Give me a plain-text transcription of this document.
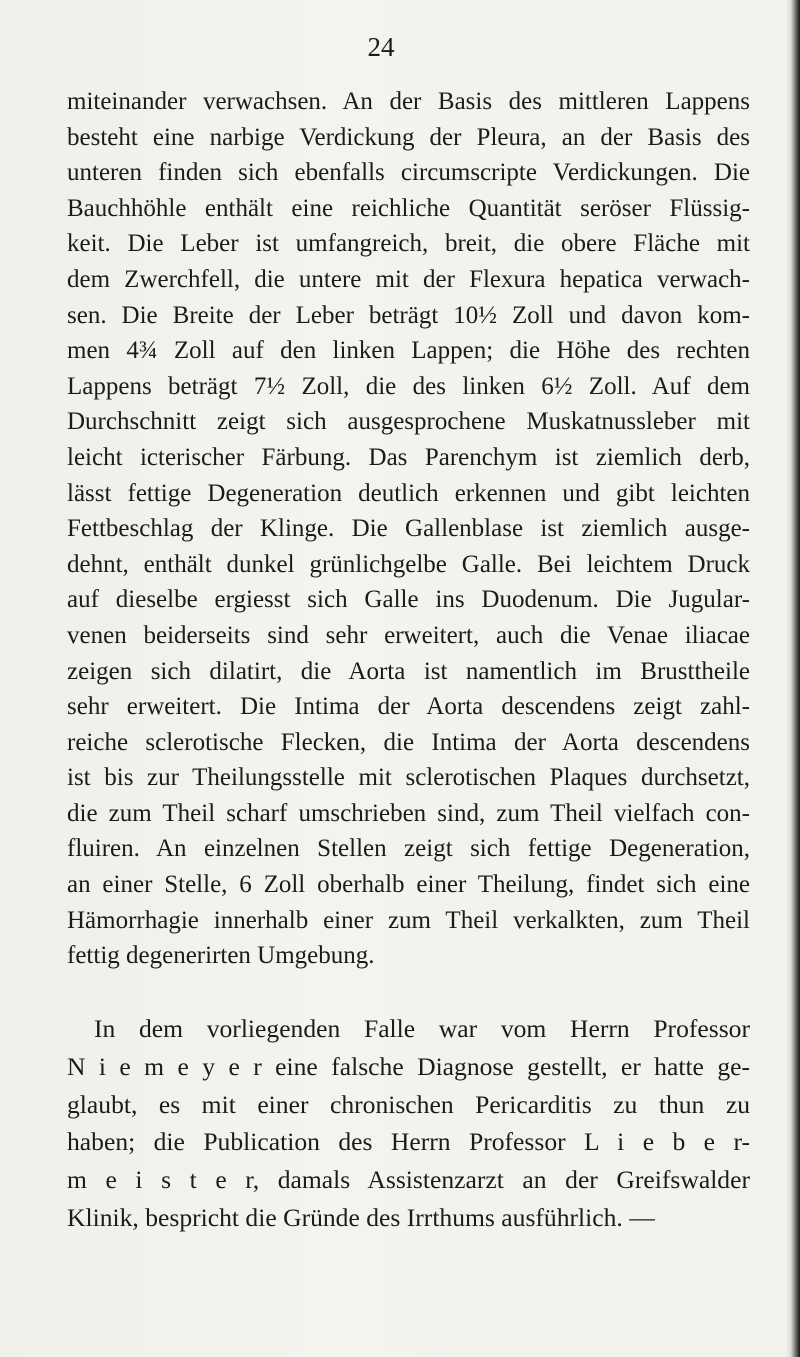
24
miteinander verwachsen. An der Basis des mittleren Lappens
besteht eine narbige Verdickung der Pleura, an der Basis des
unteren finden sich ebenfalls circumscripte Verdickungen. Die
Bauchhöhle enthält eine reichliche Quantität seröser Flüssig-
keit. Die Leber ist umfangreich, breit, die obere Fläche mit
dem Zwerchfell, die untere mit der Flexura hepatica verwach-
sen. Die Breite der Leber beträgt 10½ Zoll und davon kom-
men 4¾ Zoll auf den linken Lappen; die Höhe des rechten
Lappens beträgt 7½ Zoll, die des linken 6½ Zoll. Auf dem
Durchschnitt zeigt sich ausgesprochene Muskatnussleber mit
leicht icterischer Färbung. Das Parenchym ist ziemlich derb,
lässt fettige Degeneration deutlich erkennen und gibt leichten
Fettbeschlag der Klinge. Die Gallenblase ist ziemlich ausge-
dehnt, enthält dunkel grünlichgelbe Galle. Bei leichtem Druck
auf dieselbe ergiesst sich Galle ins Duodenum. Die Jugular-
venen beiderseits sind sehr erweitert, auch die Venae iliacae
zeigen sich dilatirt, die Aorta ist namentlich im Brusttheile
sehr erweitert. Die Intima der Aorta descendens zeigt zahl-
reiche sclerotische Flecken, die Intima der Aorta descendens
ist bis zur Theilungsstelle mit sclerotischen Plaques durchsetzt,
die zum Theil scharf umschrieben sind, zum Theil vielfach con-
fluiren. An einzelnen Stellen zeigt sich fettige Degeneration,
an einer Stelle, 6 Zoll oberhalb einer Theilung, findet sich eine
Hämorrhagie innerhalb einer zum Theil verkalkten, zum Theil
fettig degenerirten Umgebung.
In dem vorliegenden Falle war vom Herrn Professor
N i e m e y e r eine falsche Diagnose gestellt, er hatte ge-
glaubt, es mit einer chronischen Pericarditis zu thun zu
haben; die Publication des Herrn Professor L i e b e r-
m e i s t e r, damals Assistenzarzt an der Greifswalder
Klinik, bespricht die Gründe des Irrthums ausführlich. —
